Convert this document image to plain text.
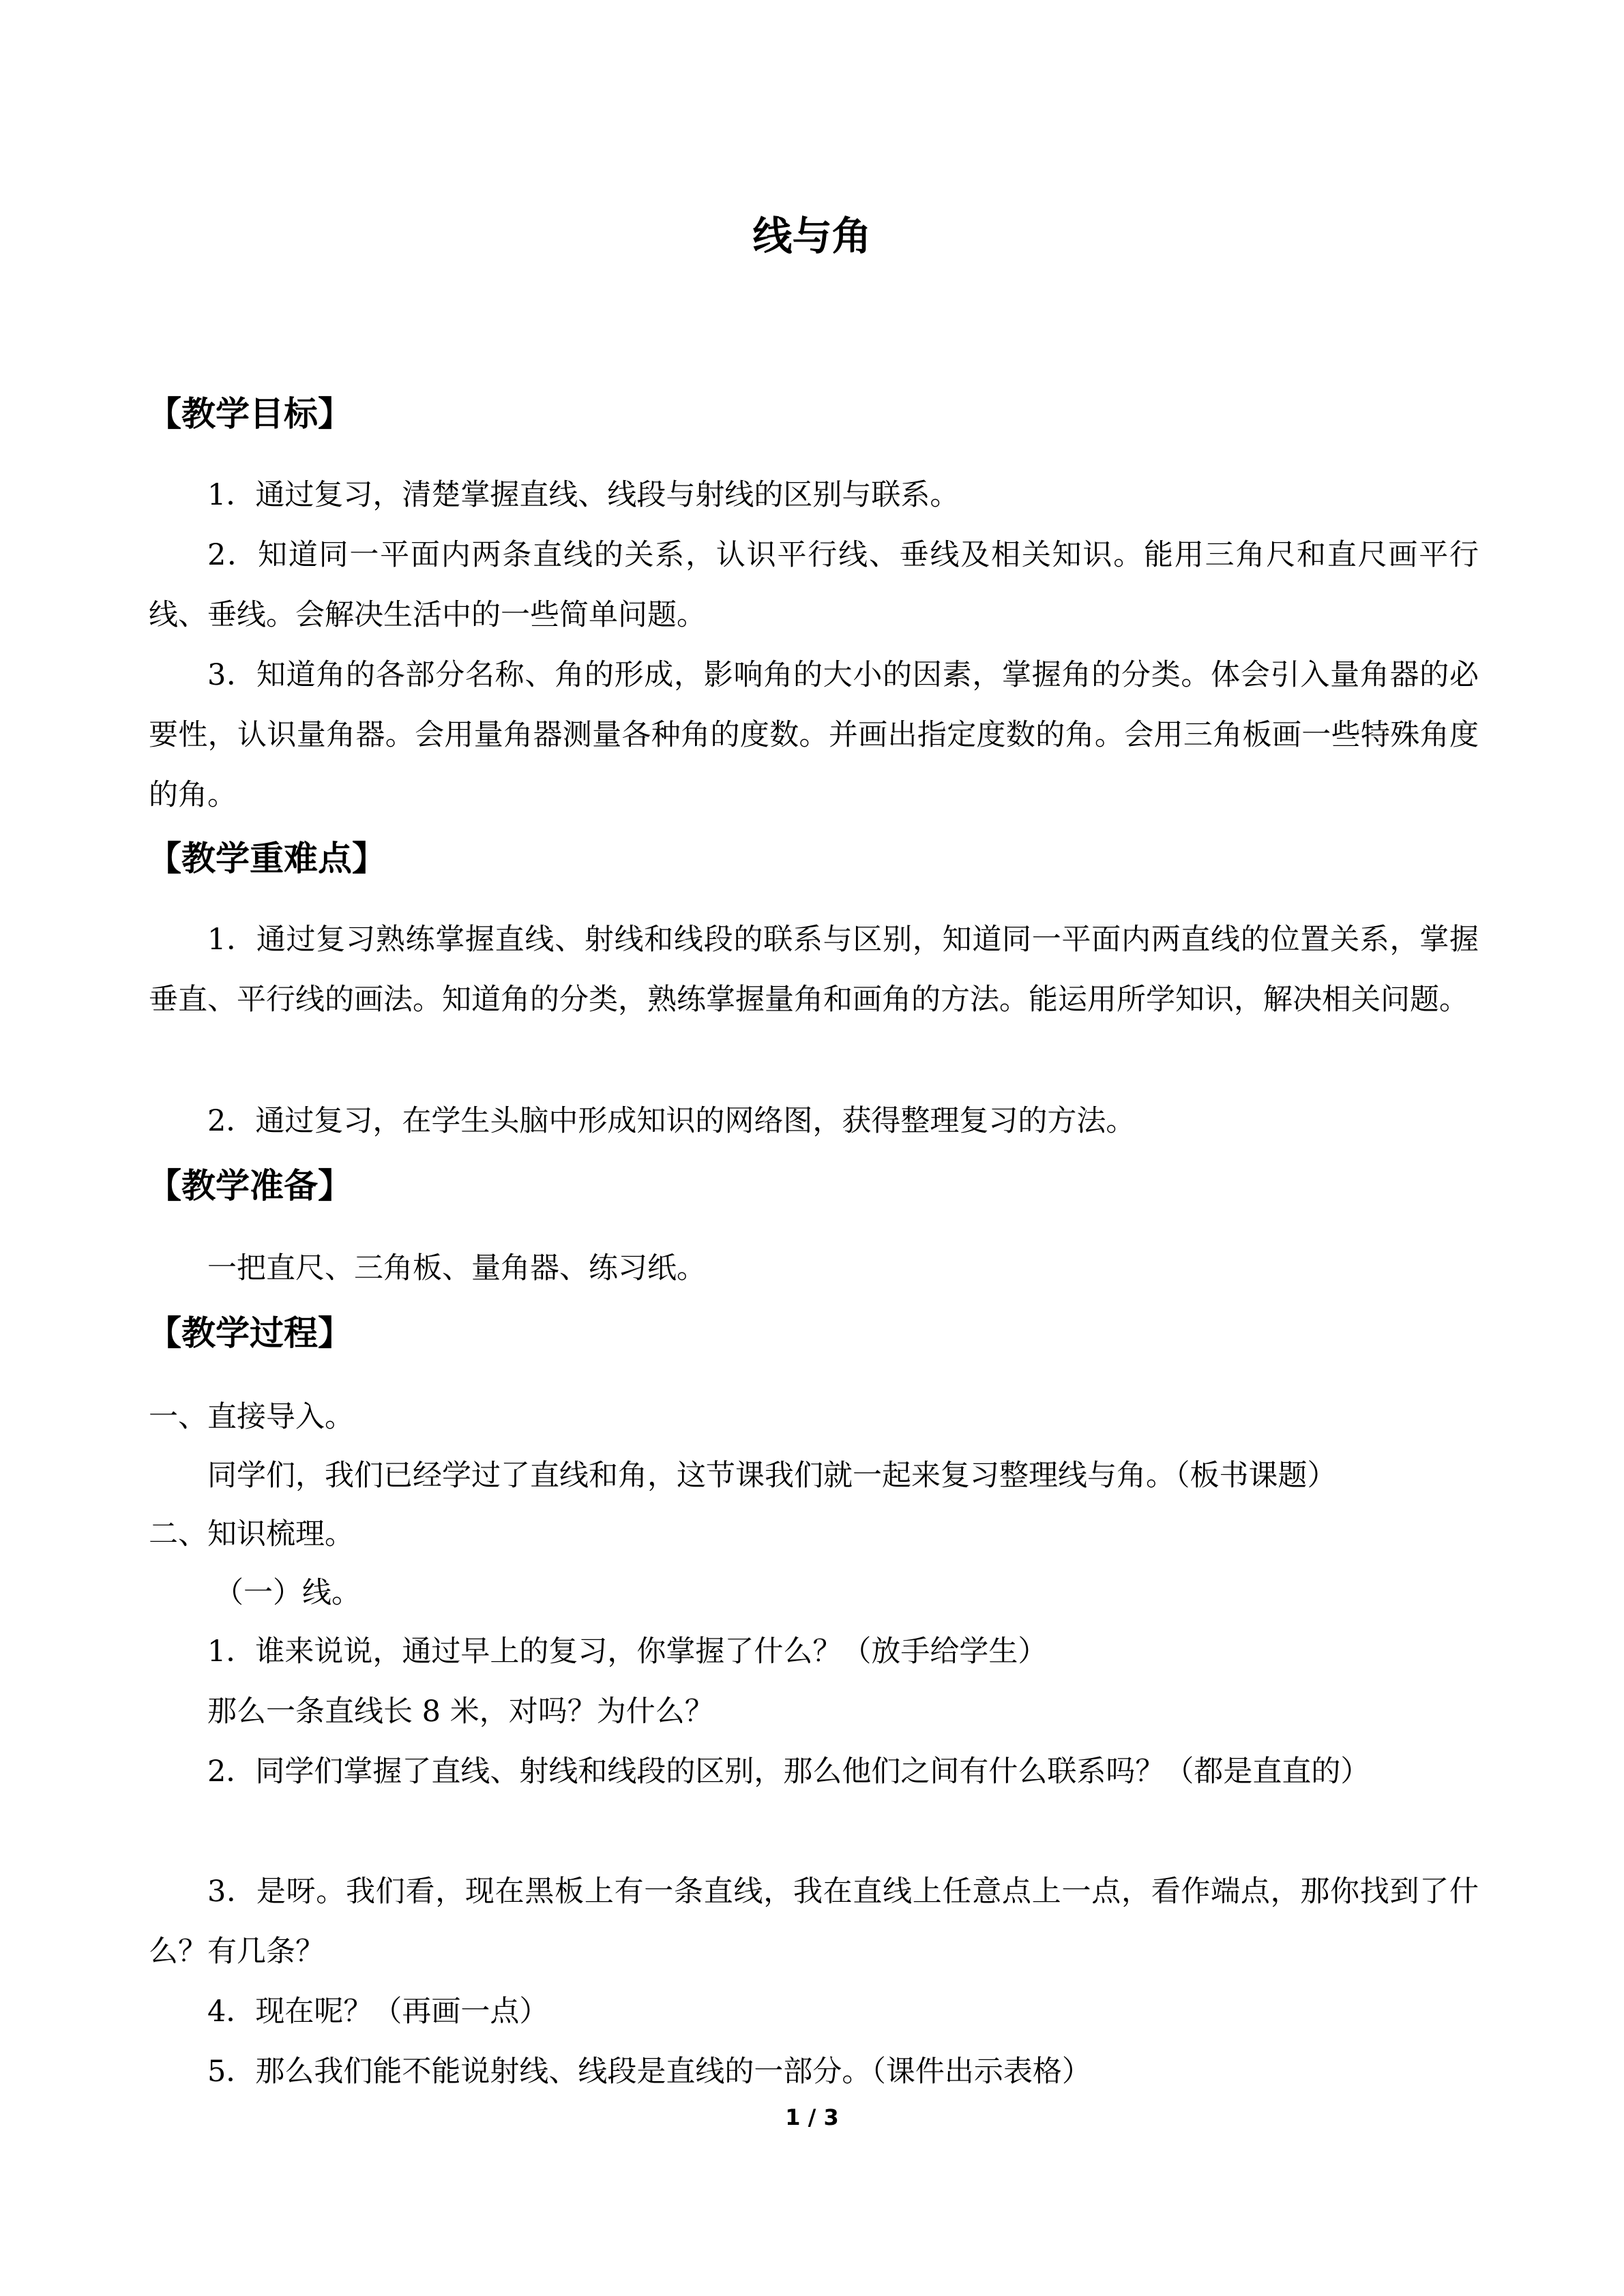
线与角
【教学目标】

1．通过复习，清楚掌握直线、线段与射线的区别与联系。

2．知道同一平面内两条直线的关系，认识平行线、垂线及相关知识。能用三角尺和直尺画平行线、垂线。会解决生活中的一些简单问题。

3．知道角的各部分名称、角的形成，影响角的大小的因素，掌握角的分类。体会引入量角器的必要性，认识量角器。会用量角器测量各种角的度数。并画出指定度数的角。会用三角板画一些特殊角度的角。

【教学重难点】

1．通过复习熟练掌握直线、射线和线段的联系与区别，知道同一平面内两直线的位置关系，掌握垂直、平行线的画法。知道角的分类，熟练掌握量角和画角的方法。能运用所学知识，解决相关问题。

2．通过复习，在学生头脑中形成知识的网络图，获得整理复习的方法。

【教学准备】

一把直尺、三角板、量角器、练习纸。

【教学过程】

一、直接导入。

同学们，我们已经学过了直线和角，这节课我们就一起来复习整理线与角。（板书课题）

二、知识梳理。

（一）线。

1．谁来说说，通过早上的复习，你掌握了什么？（放手给学生）

那么一条直线长 8 米，对吗？为什么？

2．同学们掌握了直线、射线和线段的区别，那么他们之间有什么联系吗？（都是直直的）

3．是呀。我们看，现在黑板上有一条直线，我在直线上任意点上一点，看作端点，那你找到了什么？有几条？

4．现在呢？（再画一点）

5．那么我们能不能说射线、线段是直线的一部分。（课件出示表格）

1 / 3
